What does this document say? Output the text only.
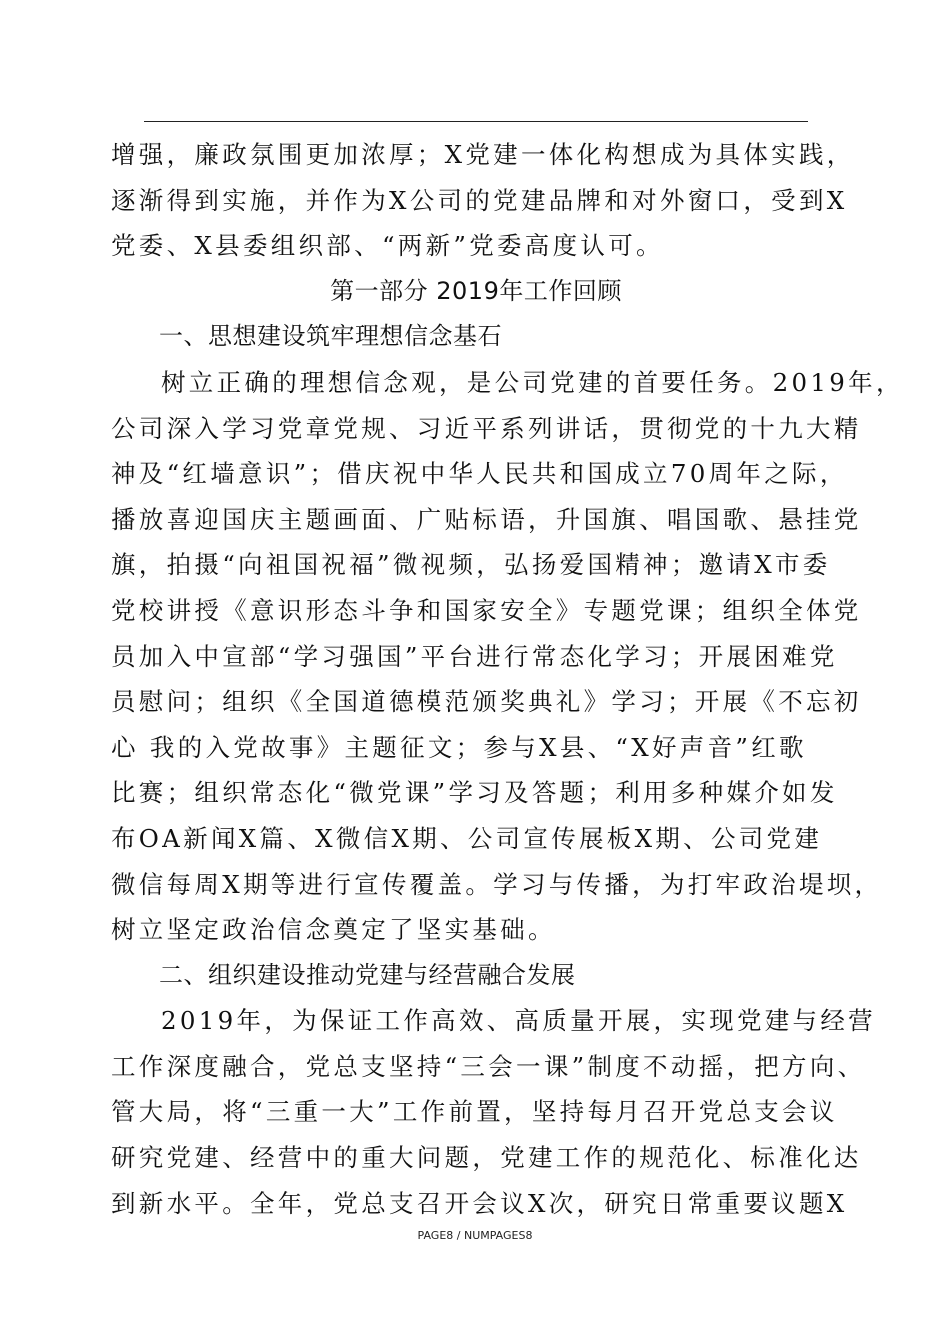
增强，廉政氛围更加浓厚；X党建一体化构想成为具体实践，
逐渐得到实施，并作为X公司的党建品牌和对外窗口，受到X
党委、X县委组织部、“两新”党委高度认可。
第一部分 2019年工作回顾
一、思想建设筑牢理想信念基石
树立正确的理想信念观，是公司党建的首要任务。2019年，
公司深入学习党章党规、习近平系列讲话，贯彻党的十九大精
神及“红墙意识”；借庆祝中华人民共和国成立70周年之际，
播放喜迎国庆主题画面、广贴标语，升国旗、唱国歌、悬挂党
旗，拍摄“向祖国祝福”微视频，弘扬爱国精神；邀请X市委
党校讲授《意识形态斗争和国家安全》专题党课；组织全体党
员加入中宣部“学习强国”平台进行常态化学习；开展困难党
员慰问；组织《全国道德模范颁奖典礼》学习；开展《不忘初
心 我的入党故事》主题征文；参与X县、“X好声音”红歌
比赛；组织常态化“微党课”学习及答题；利用多种媒介如发
布OA新闻X篇、X微信X期、公司宣传展板X期、公司党建
微信每周X期等进行宣传覆盖。学习与传播，为打牢政治堤坝，
树立坚定政治信念奠定了坚实基础。
二、组织建设推动党建与经营融合发展
2019年，为保证工作高效、高质量开展，实现党建与经营
工作深度融合，党总支坚持“三会一课”制度不动摇，把方向、
管大局，将“三重一大”工作前置，坚持每月召开党总支会议
研究党建、经营中的重大问题，党建工作的规范化、标准化达
到新水平。全年，党总支召开会议X次，研究日常重要议题X
PAGE8 / NUMPAGES8
